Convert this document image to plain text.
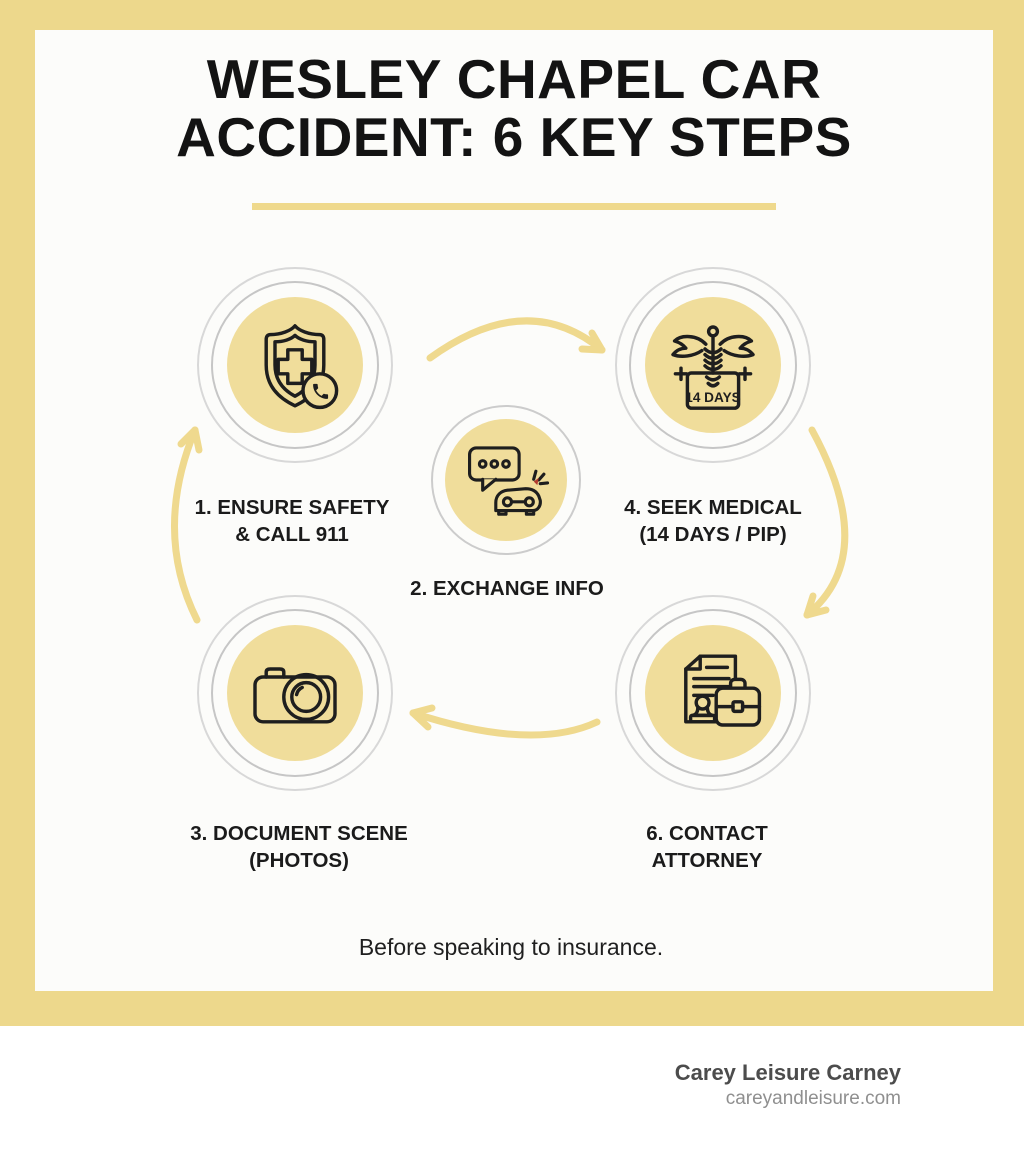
WESLEY CHAPEL CAR
ACCIDENT: 6 KEY STEPS
14 DAYS
1. ENSURE SAFETY
& CALL 911
4. SEEK MEDICAL
(14 DAYS / PIP)
2. EXCHANGE INFO
3. DOCUMENT SCENE
(PHOTOS)
6. CONTACT
ATTORNEY
Before speaking to insurance.
Carey Leisure Carney
careyandleisure.com
